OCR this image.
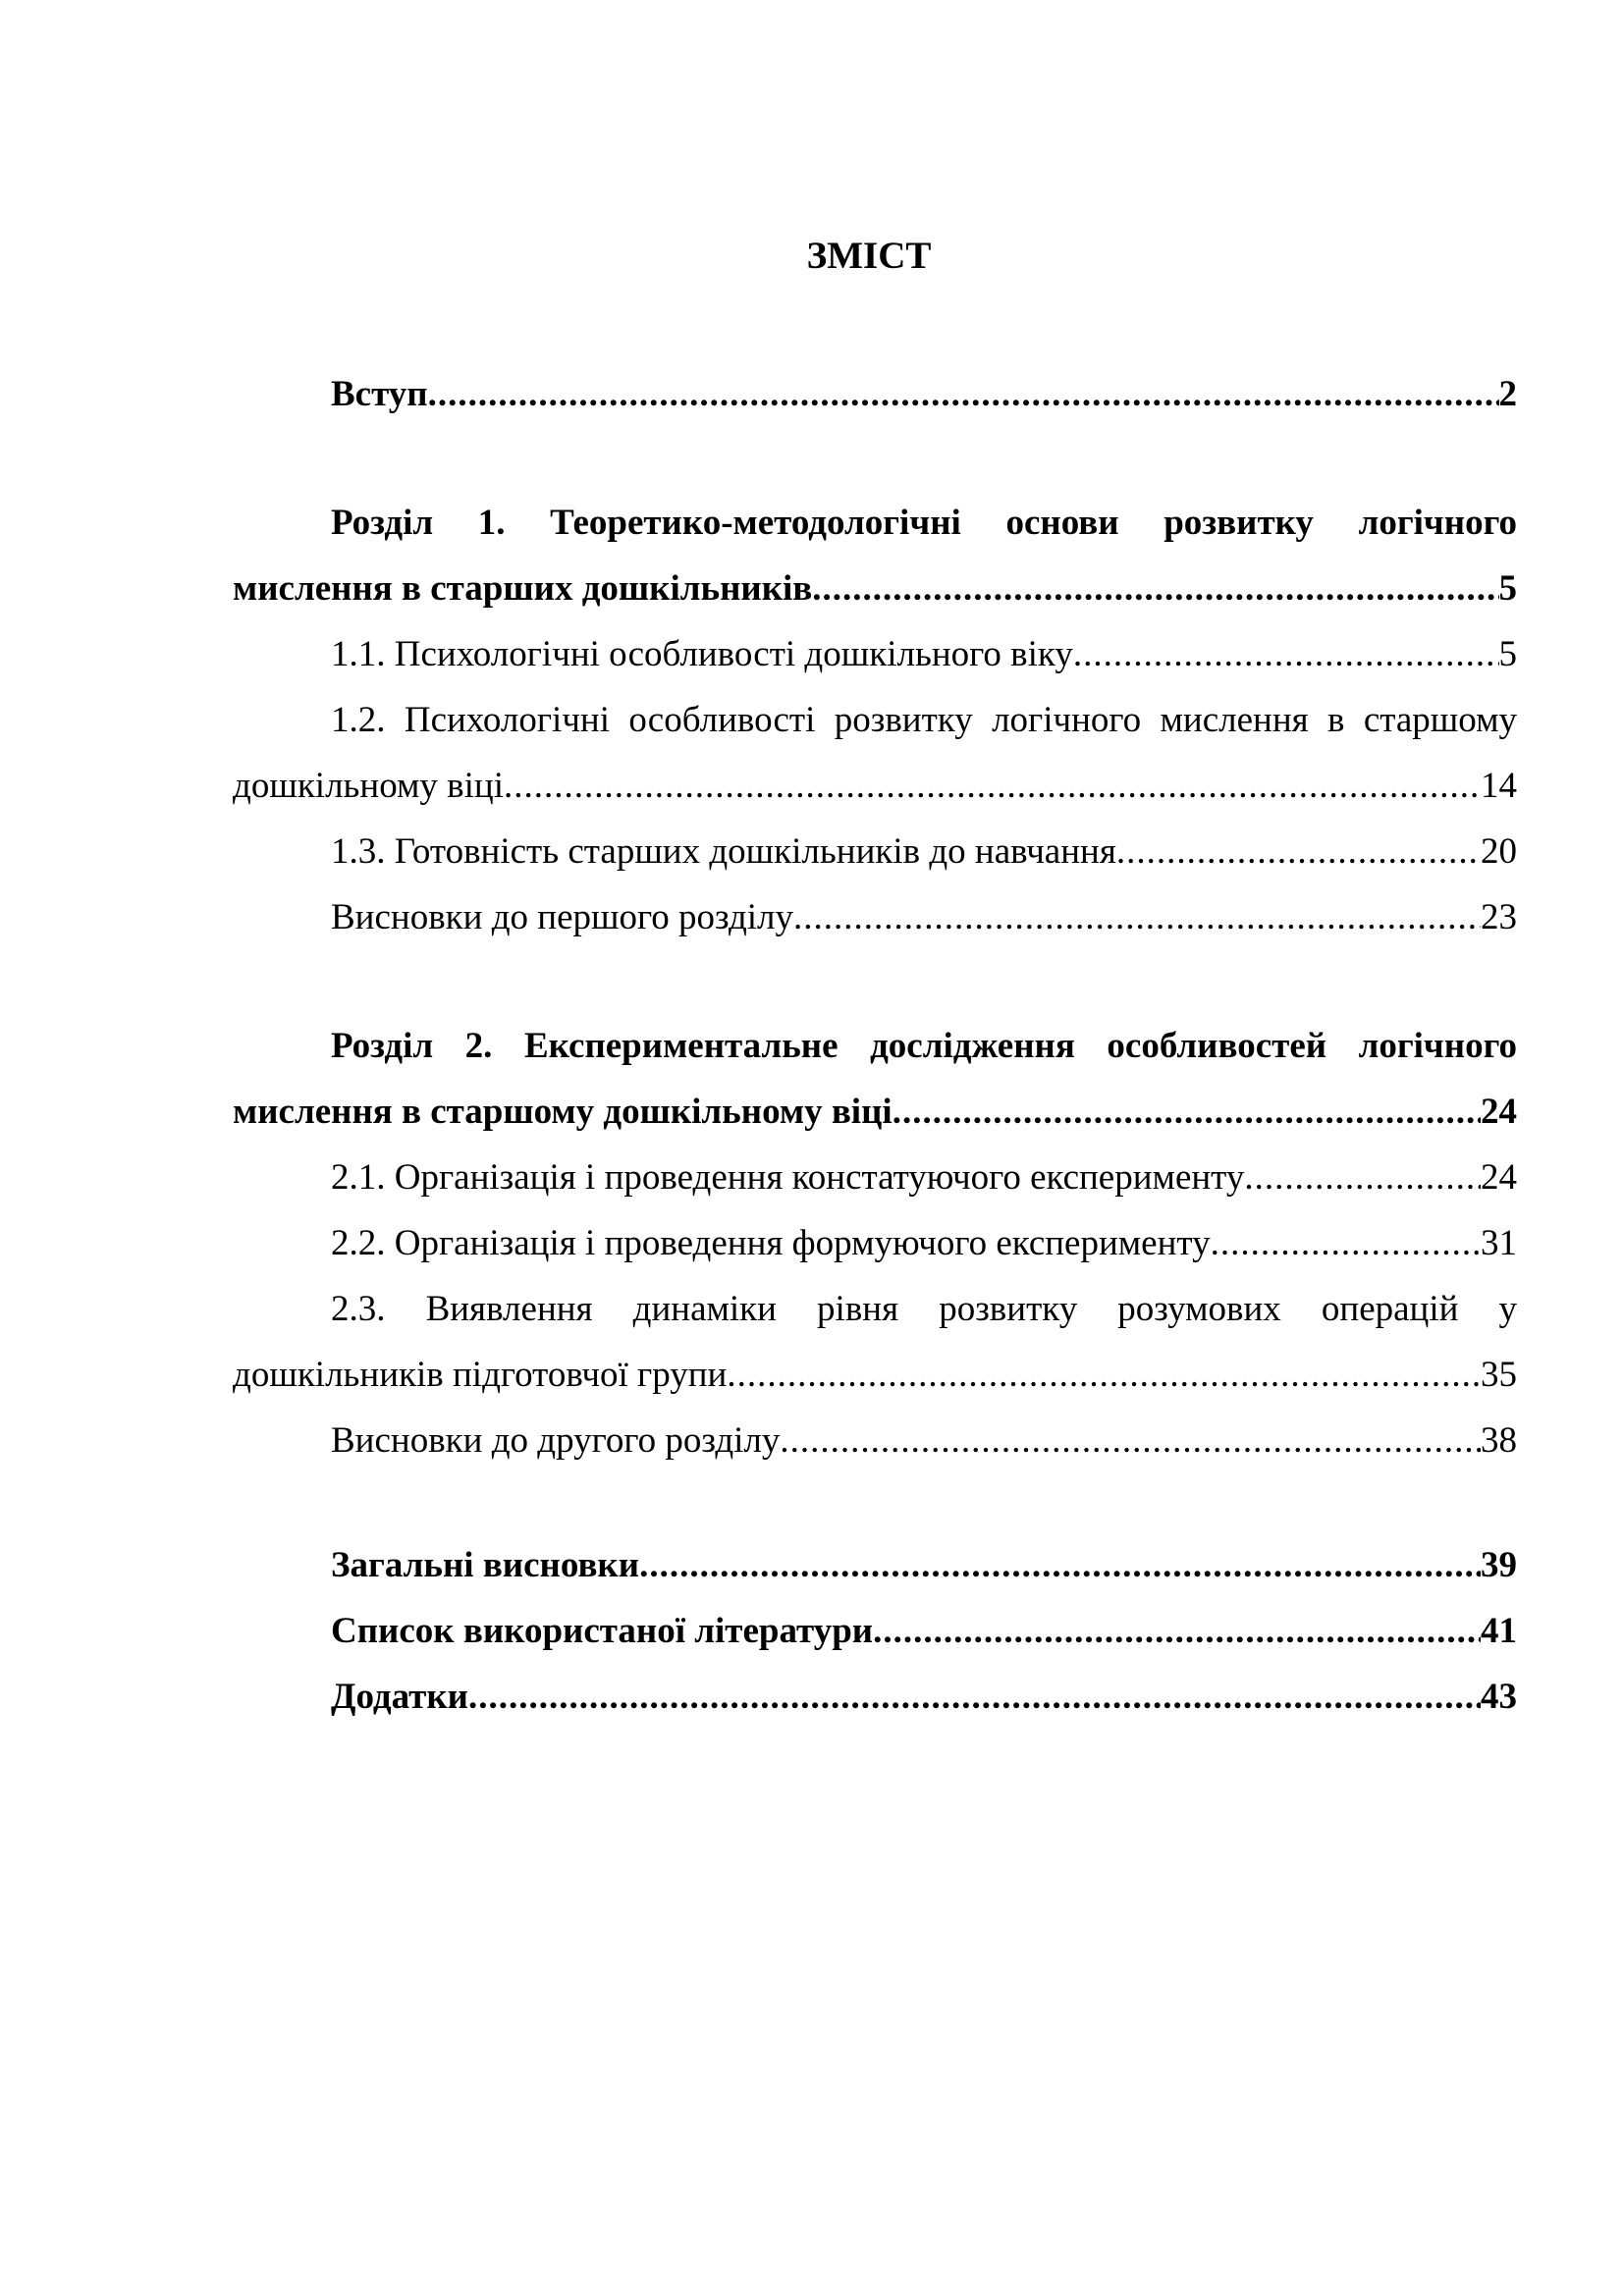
ЗМІСТ
Вступ .....	2
Розділ 1. Теоретико-методологічні основи розвитку логічного
мислення в старших дошкільників .....	5
1.1. Психологічні особливості дошкільного віку .....	5
1.2. Психологічні особливості розвитку логічного мислення в старшому
дошкільному віці .....	14
1.3. Готовність старших дошкільників до навчання .....	20
Висновки до першого розділу .....	23
Розділ 2. Експериментальне дослідження особливостей логічного
мислення в старшому дошкільному віці .....	24
2.1. Організація і проведення констатуючого експерименту .....	24
2.2. Організація і проведення формуючого експерименту .....	31
2.3. Виявлення динаміки рівня розвитку розумових операцій у
дошкільників підготовчої групи .....	35
Висновки до другого розділу .....	38
Загальні висновки .....	39
Список використаної літератури .....	41
Додатки .....	43
